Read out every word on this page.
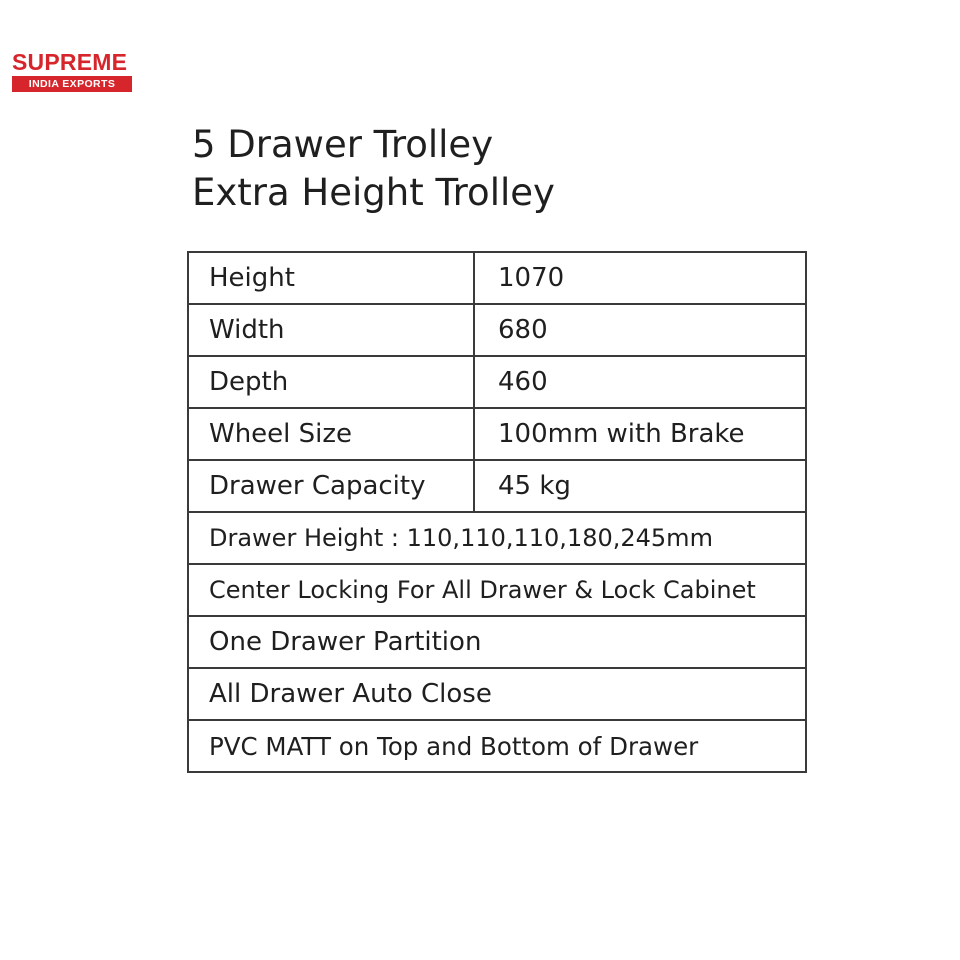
SUPREME
INDIA EXPORTS
5 Drawer Trolley
Extra Height Trolley
Height	1070
Width	680
Depth	460
Wheel Size	100mm with Brake
Drawer Capacity	45 kg
Drawer Height : 110,110,110,180,245mm	
Center Locking For All Drawer & Lock Cabinet	
One Drawer Partition	
All Drawer Auto Close	
PVC MATT on Top and Bottom of Drawer	
